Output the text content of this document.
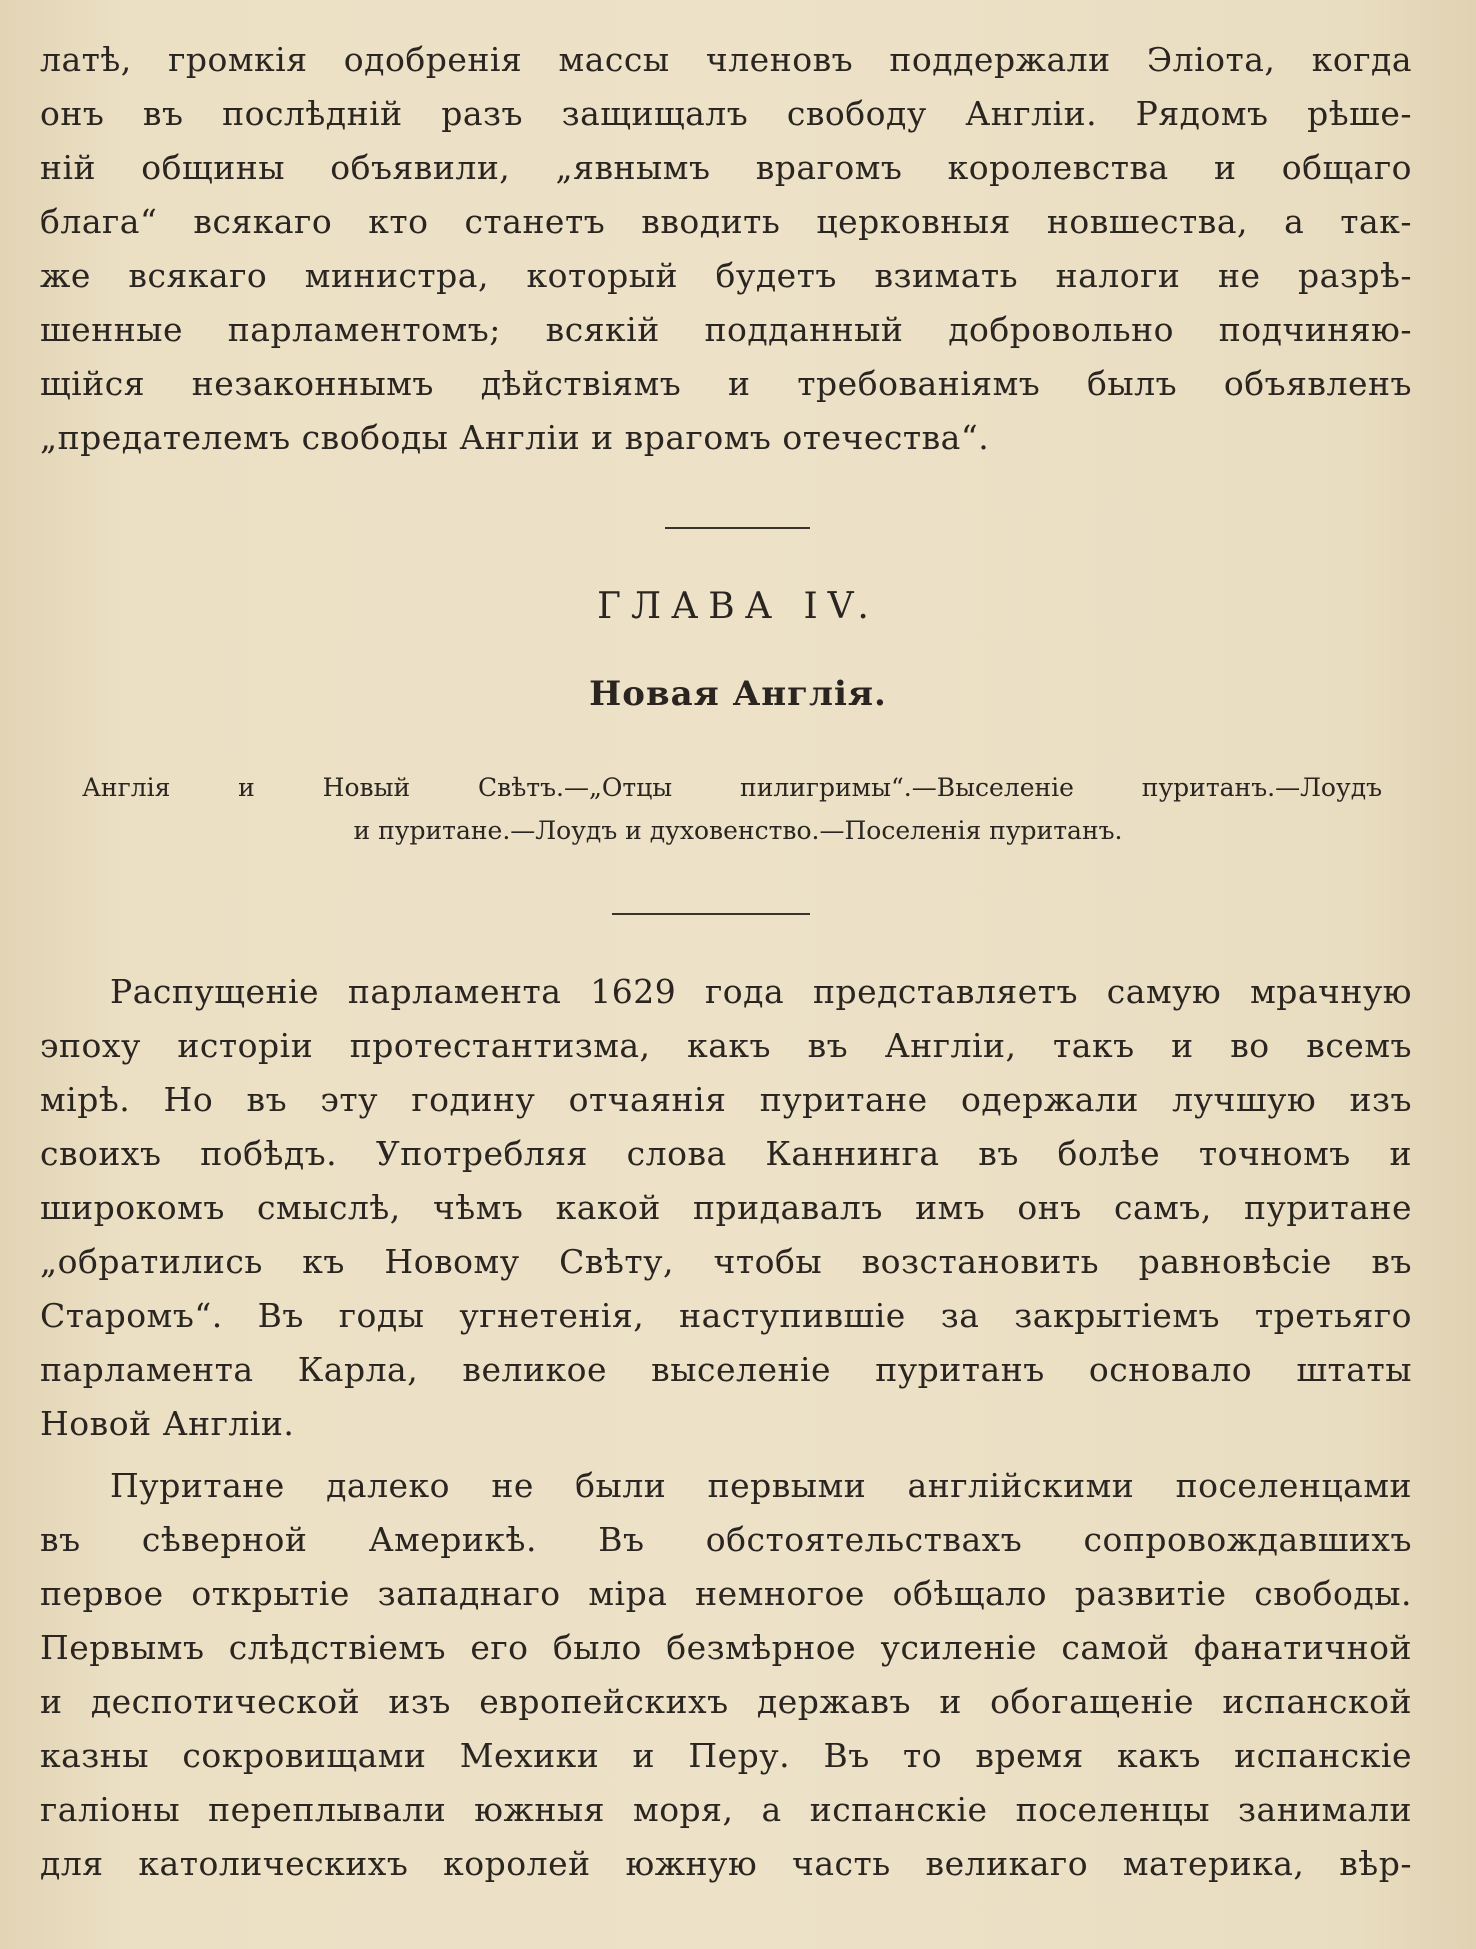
латѣ, громкія одобренія массы членовъ поддержали Эліота, когда
онъ въ послѣдній разъ защищалъ свободу Англіи. Рядомъ рѣше-
ній общины объявили, „явнымъ врагомъ королевства и общаго
блага“ всякаго кто станетъ вводить церковныя новшества, а так-
же всякаго министра, который будетъ взимать налоги не разрѣ-
шенные парламентомъ; всякій подданный добровольно подчиняю-
щійся незаконнымъ дѣйствіямъ и требованіямъ былъ объявленъ
„предателемъ свободы Англіи и врагомъ отечества“.
ГЛАВА IV.
Новая Англія.
Англія и Новый Свѣтъ.—„Отцы пилигримы“.—Выселеніе пуританъ.—Лоудъ
и пуритане.—Лоудъ и духовенство.—Поселенія пуританъ.
Распущеніе парламента 1629 года представляетъ самую мрачную
эпоху исторіи протестантизма, какъ въ Англіи, такъ и во всемъ
мірѣ. Но въ эту годину отчаянія пуритане одержали лучшую изъ
своихъ побѣдъ. Употребляя слова Каннинга въ болѣе точномъ и
широкомъ смыслѣ, чѣмъ какой придавалъ имъ онъ самъ, пуритане
„обратились къ Новому Свѣту, чтобы возстановить равновѣсіе въ
Старомъ“. Въ годы угнетенія, наступившіе за закрытіемъ третьяго
парламента Карла, великое выселеніе пуританъ основало штаты
Новой Англіи.
Пуритане далеко не были первыми англійскими поселенцами
въ сѣверной Америкѣ. Въ обстоятельствахъ сопровождавшихъ
первое открытіе западнаго міра немногое обѣщало развитіе свободы.
Первымъ слѣдствіемъ его было безмѣрное усиленіе самой фанатичной
и деспотической изъ европейскихъ державъ и обогащеніе испанской
казны сокровищами Мехики и Перу. Въ то время какъ испанскіе
галіоны переплывали южныя моря, а испанскіе поселенцы занимали
для католическихъ королей южную часть великаго материка, вѣр-
